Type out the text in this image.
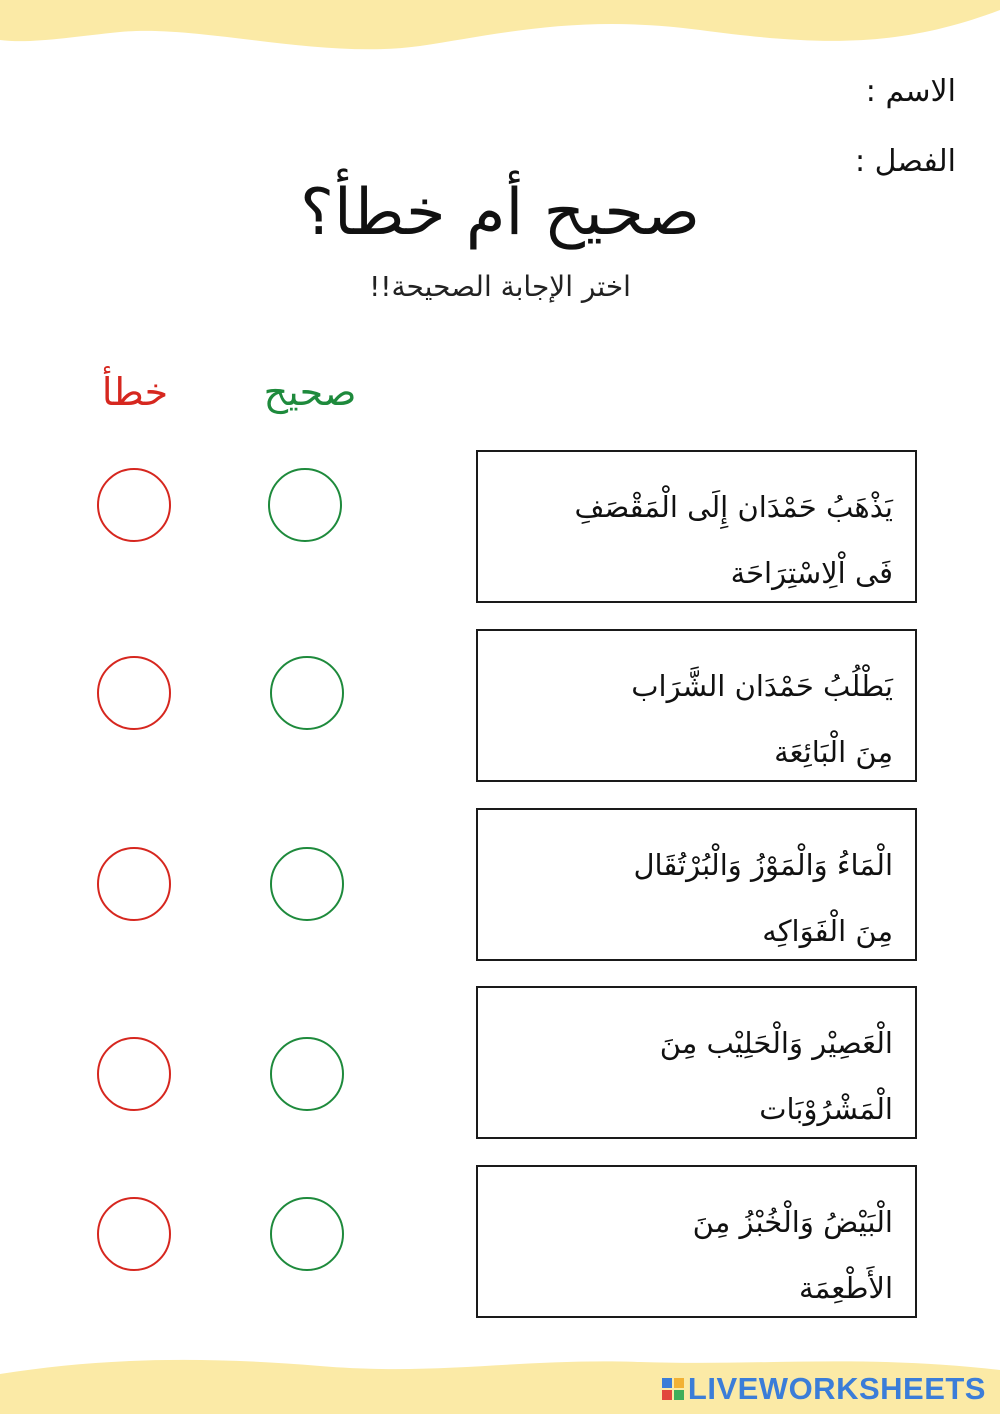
الاسم :
الفصل :
صحيح أم خطأ؟
اختر الإجابة الصحيحة!!
صحيح
خطأ
يَذْهَبُ حَمْدَان إِلَى الْمَقْصَفِ
فَى اْلِاسْتِرَاحَة
يَطْلُبُ حَمْدَان الشَّرَاب
مِنَ الْبَائِعَة
الْمَاءُ وَالْمَوْزُ وَالْبُرْتُقَال
مِنَ الْفَوَاكِه
الْعَصِيْر وَالْحَلِيْب مِنَ
الْمَشْرُوْبَات
الْبَيْضُ وَالْخُبْزُ مِنَ
الأَطْعِمَة
LIVEWORKSHEETS
